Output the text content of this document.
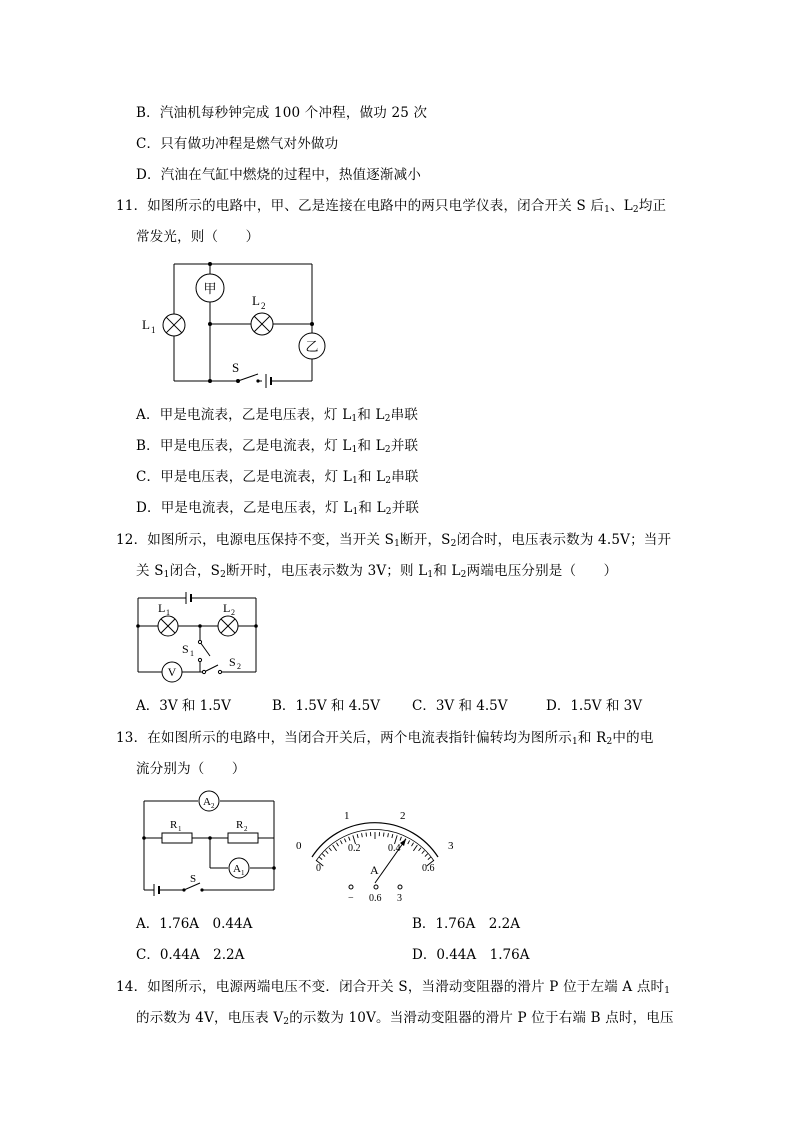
B．汽油机每秒钟完成 100 个冲程，做功 25 次
C．只有做功冲程是燃气对外做功
D．汽油在气缸中燃烧的过程中，热值逐渐减小
11．如图所示的电路中，甲、乙是连接在电路中的两只电学仪表，闭合开关 S 后$_1$、$L_2$均正
常发光，则（　　）
甲
乙
L 1
L 2
S
A．甲是电流表，乙是电压表，灯 $L_1$和 $L_2$串联
B．甲是电压表，乙是电流表，灯 $L_1$和 $L_2$并联
C．甲是电压表，乙是电流表，灯 $L_1$和 $L_2$串联
D．甲是电流表，乙是电压表，灯 $L_1$和 $L_2$并联
12．如图所示，电源电压保持不变，当开关 $S_1$断开，$S_2$闭合时，电压表示数为 4.5V；当开
关 $S_1$闭合，$S_2$断开时，电压表示数为 3V；则 $L_1$和 $L_2$两端电压分别是（　　）
L 1	L 2
V
S 1
S 2
A．3V 和 1.5V	B．1.5V 和 4.5V C．3V 和 4.5V	D．1.5V 和 3V
13．在如图所示的电路中，当闭合开关后，两个电流表指针偏转均为图所示$_1$和 $R_2$中的电
流分别为（　　）
A 2
A 1
R 1	R 2
S
0
1	2
3
0
0.2	0.4
0.6
A
− 0.6 3
A．1.76A　0.44A	B．1.76A　2.2A
C．0.44A　2.2A	D．0.44A　1.76A
14．如图所示，电源两端电压不变．闭合开关 S，当滑动变阻器的滑片 P 位于左端 A 点时$_1$
的示数为 4V，电压表 $V_2$的示数为 10V。当滑动变阻器的滑片 P 位于右端 B 点时，电压
